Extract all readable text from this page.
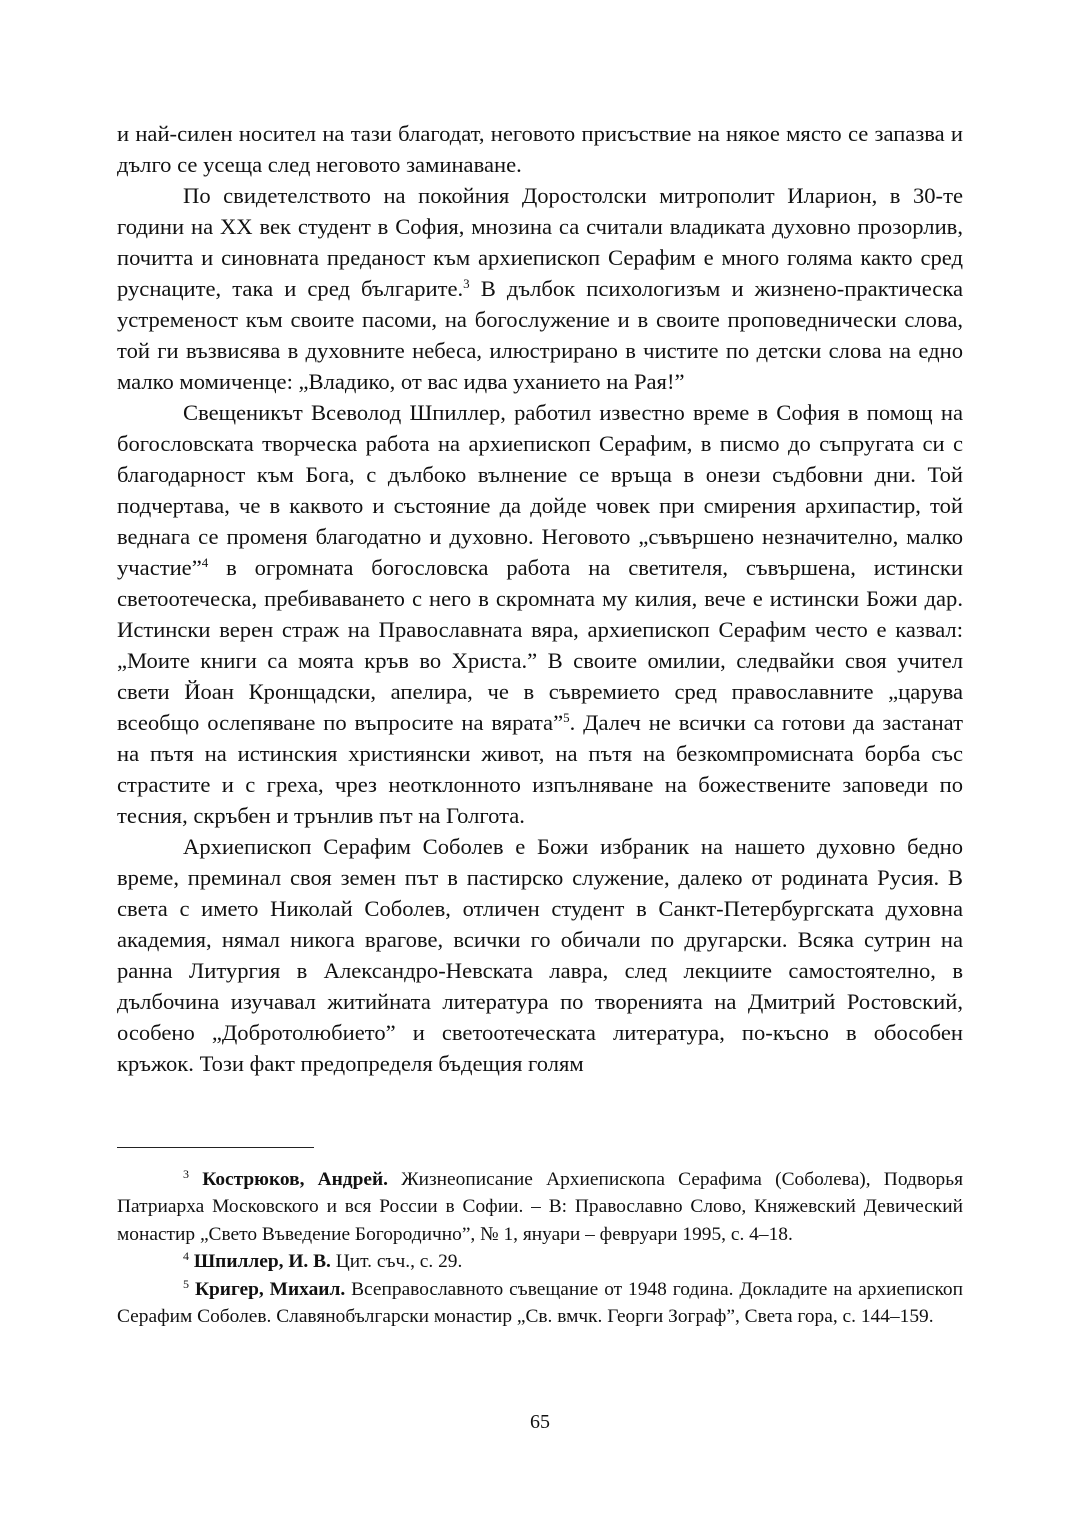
и най-силен носител на тази благодат, неговото присъствие на някое място се запазва и дълго се усеща след неговото заминаване.

По свидетелството на покойния Доростолски митрополит Иларион, в 30-те години на XX век студент в София, мнозина са считали владиката духовно прозорлив, почитта и синовната преданост към архиепископ Серафим е много голяма както сред руснаците, така и сред българите.$^3$ В дълбок психологизъм и жизнено-практическа устременост към своите пасоми, на богослужение и в своите проповеднически слова, той ги възвисява в духовните небеса, илюстрирано в чистите по детски слова на едно малко момиченце: „Владико, от вас идва уханието на Рая!”

Свещеникът Всеволод Шпиллер, работил известно време в София в помощ на богословската творческа работа на архиепископ Серафим, в писмо до съпругата си с благодарност към Бога, с дълбоко вълнение се връща в онези съдбовни дни. Той подчертава, че в каквото и състояние да дойде човек при смирения архипастир, той веднага се променя благодатно и духовно. Неговото „съвършено незначително, малко участие”$^4$ в огромната богословска работа на светителя, съвършена, истински светоотеческа, пребиваването с него в скромната му килия, вече е истински Божи дар. Истински верен страж на Православната вяра, архиепископ Серафим често е казвал: „Моите книги са моята кръв во Христа.” В своите омилии, следвайки своя учител свети Йоан Кронщадски, апелира, че в съвремието сред православните „царува всеобщо ослепяване по въпросите на вярата”$^5$. Далеч не всички са готови да застанат на пътя на истинския християнски живот, на пътя на безкомпромисната борба със страстите и с греха, чрез неотклонното изпълняване на божествените заповеди по тесния, скръбен и трънлив път на Голгота.

Архиепископ Серафим Соболев е Божи избраник на нашето духовно бедно време, преминал своя земен път в пастирско служение, далеко от родината Русия. В света с името Николай Соболев, отличен студент в Санкт-Петербургската духовна академия, нямал никога врагове, всички го обичали по другарски. Всяка сутрин на ранна Литургия в Александро-Невската лавра, след лекциите самостоятелно, в дълбочина изучавал житийната литература по творенията на Дмитрий Ростовский, особено „Добротолюбието” и светоотеческата литература, по-късно в обособен кръжок. Този факт предопределя бъдещия голям

$^3$ Кострюков, Андрей. Жизнеописание Архиепископа Серафима (Соболева), Подворья Патриарха Московского и вся России в Софии. – В: Православно Слово, Княжевский Девический монастир „Свето Въведение Богородично”, № 1, януари – февруари 1995, с. 4–18.

$^4$ Шпиллер, И. В. Цит. съч., с. 29.

$^5$ Кригер, Михаил. Всеправославното съвещание от 1948 година. Докладите на архиепископ Серафим Соболев. Славянобългарски монастир „Св. вмчк. Георги Зограф”, Света гора, с. 144–159.

65
